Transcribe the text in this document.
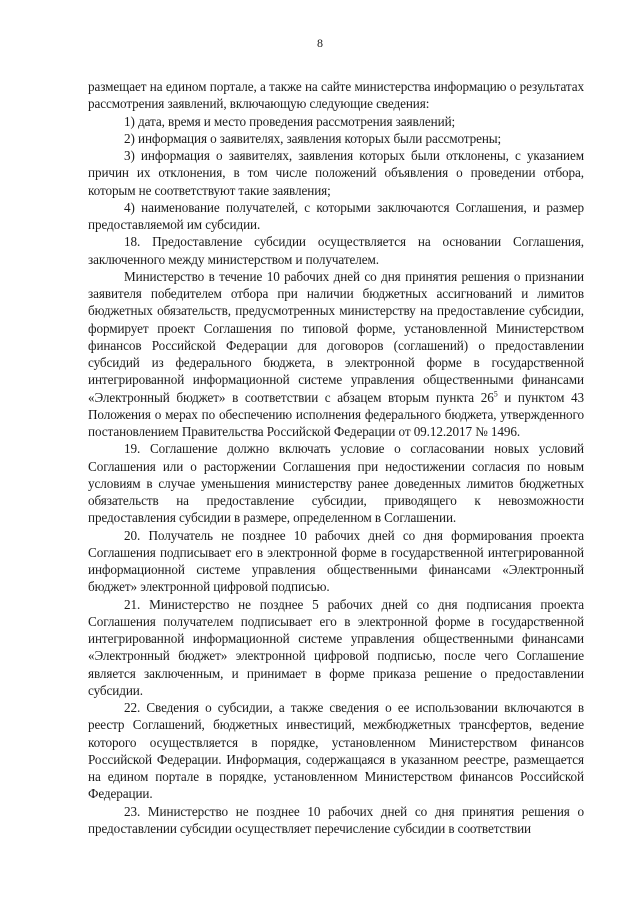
8

размещает на едином портале, а также на сайте министерства информацию о результатах рассмотрения заявлений, включающую следующие сведения:

1) дата, время и место проведения рассмотрения заявлений;

2) информация о заявителях, заявления которых были рассмотрены;

3) информация о заявителях, заявления которых были отклонены, с указанием причин их отклонения, в том числе положений объявления о проведении отбора, которым не соответствуют такие заявления;

4) наименование получателей, с которыми заключаются Соглашения, и размер предоставляемой им субсидии.

18. Предоставление субсидии осуществляется на основании Соглашения, заключенного между министерством и получателем.

Министерство в течение 10 рабочих дней со дня принятия решения о признании заявителя победителем отбора при наличии бюджетных ассигнований и лимитов бюджетных обязательств, предусмотренных министерству на предоставление субсидии, формирует проект Соглашения по типовой форме, установленной Министерством финансов Российской Федерации для договоров (соглашений) о предоставлении субсидий из федерального бюджета, в электронной форме в государственной интегрированной информационной системе управления общественными финансами «Электронный бюджет» в соответствии с абзацем вторым пункта $26^5$ и пунктом 43 Положения о мерах по обеспечению исполнения федерального бюджета, утвержденного постановлением Правительства Российской Федерации от 09.12.2017 № 1496.

19. Соглашение должно включать условие о согласовании новых условий Соглашения или о расторжении Соглашения при недостижении согласия по новым условиям в случае уменьшения министерству ранее доведенных лимитов бюджетных обязательств на предоставление субсидии, приводящего к невозможности предоставления субсидии в размере, определенном в Соглашении.

20. Получатель не позднее 10 рабочих дней со дня формирования проекта Соглашения подписывает его в электронной форме в государственной интегрированной информационной системе управления общественными финансами «Электронный бюджет» электронной цифровой подписью.

21. Министерство не позднее 5 рабочих дней со дня подписания проекта Соглашения получателем подписывает его в электронной форме в государственной интегрированной информационной системе управления общественными финансами «Электронный бюджет» электронной цифровой подписью, после чего Соглашение является заключенным, и принимает в форме приказа решение о предоставлении субсидии.

22. Сведения о субсидии, а также сведения о ее использовании включаются в реестр Соглашений, бюджетных инвестиций, межбюджетных трансфертов, ведение которого осуществляется в порядке, установленном Министерством финансов Российской Федерации. Информация, содержащаяся в указанном реестре, размещается на едином портале в порядке, установленном Министерством финансов Российской Федерации.

23. Министерство не позднее 10 рабочих дней со дня принятия решения о предоставлении субсидии осуществляет перечисление субсидии в соответствии
